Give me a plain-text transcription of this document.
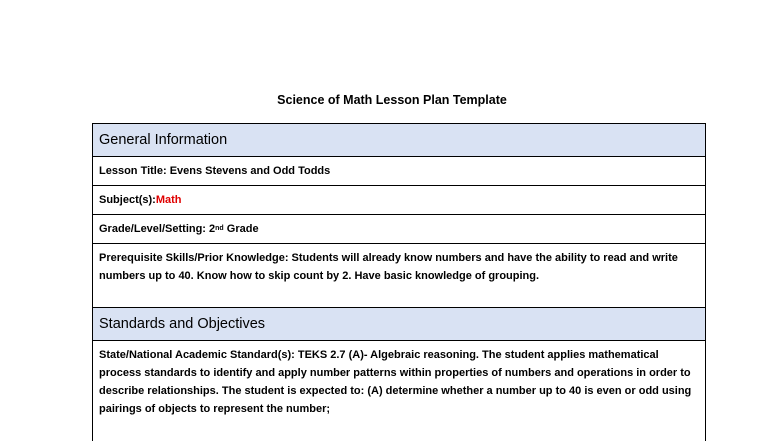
Science of Math Lesson Plan Template
General Information
Lesson Title: Evens Stevens and Odd Todds
Subject(s): Math
Grade/Level/Setting: 2 nd Grade
Prerequisite Skills/Prior Knowledge: Students will already know numbers and have the ability to read and write numbers up to 40. Know how to skip count by 2. Have basic knowledge of grouping.
Standards and Objectives
State/National Academic Standard(s): TEKS 2.7 (A)- Algebraic reasoning. The student applies mathematical process standards to identify and apply number patterns within properties of numbers and operations in order to describe relationships. The student is expected to: (A) determine whether a number up to 40 is even or odd using pairings of objects to represent the number;
